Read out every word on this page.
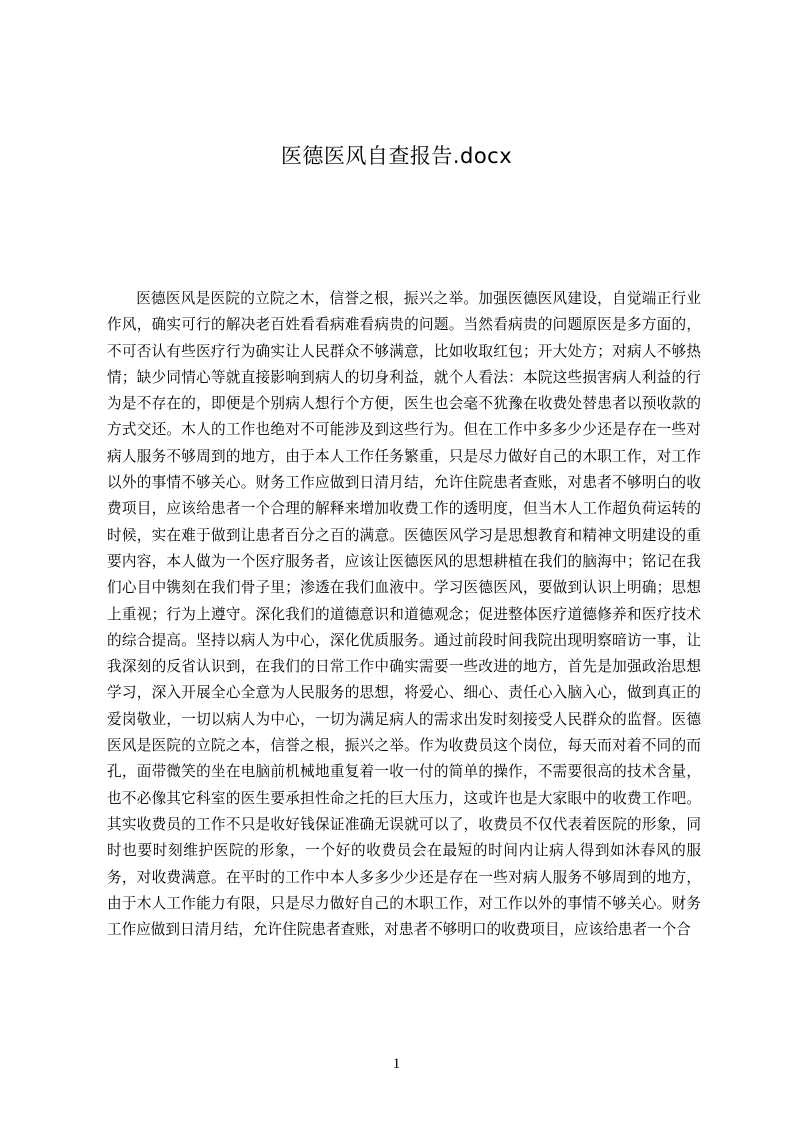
医德医风自查报告.docx

医德医风是医院的立院之木，信誉之根，振兴之举。加强医德医风建设，自觉端正行业作风，确实可行的解决老百姓看看病难看病贵的问题。当然看病贵的问题原医是多方面的，不可否认有些医疗行为确实让人民群众不够满意，比如收取红包；开大处方；对病人不够热情；缺少同情心等就直接影响到病人的切身利益，就个人看法：本院这些损害病人利益的行为是不存在的，即便是个别病人想行个方便，医生也会毫不犹豫在收费处替患者以预收款的方式交还。木人的工作也绝对不可能涉及到这些行为。但在工作中多多少少还是存在一些对病人服务不够周到的地方，由于本人工作任务繁重，只是尽力做好自己的木职工作，对工作以外的事情不够关心。财务工作应做到日清月结，允许住院患者查账，对患者不够明白的收费项目，应该给患者一个合理的解释来增加收费工作的透明度，但当木人工作超负荷运转的时候，实在难于做到让患者百分之百的满意。医德医风学习是思想教育和精神文明建设的重要内容，本人做为一个医疗服务者，应该让医德医风的思想耕植在我们的脑海中；铭记在我们心目中镌刻在我们骨子里；渗透在我们血液中。学习医德医风，要做到认识上明确；思想上重视；行为上遵守。深化我们的道德意识和道德观念；促进整体医疗道德修养和医疗技术的综合提高。坚持以病人为中心，深化优质服务。通过前段时间我院出现明察暗访一事，让我深刻的反省认识到，在我们的日常工作中确实需要一些改进的地方，首先是加强政治思想学习，深入开展全心全意为人民服务的思想，将爱心、细心、责任心入脑入心，做到真正的爱岗敬业，一切以病人为中心，一切为满足病人的需求出发时刻接受人民群众的监督。医德医风是医院的立院之本，信誉之根，振兴之举。作为收费员这个岗位，每天而对着不同的而孔，面带微笑的坐在电脑前机械地重复着一收一付的简单的操作，不需要很高的技术含量，也不必像其它科室的医生要承担性命之托的巨大压力，这或许也是大家眼中的收费工作吧。其实收费员的工作不只是收好钱保证准确无误就可以了，收费员不仅代表着医院的形象，同时也要时刻维护医院的形象，一个好的收费员会在最短的时间内让病人得到如沐春风的服务，对收费满意。在平时的工作中本人多多少少还是存在一些对病人服务不够周到的地方，由于木人工作能力有限，只是尽力做好自己的木职工作，对工作以外的事情不够关心。财务工作应做到日清月结，允许住院患者查账，对患者不够明口的收费项目，应该给患者一个合

1
